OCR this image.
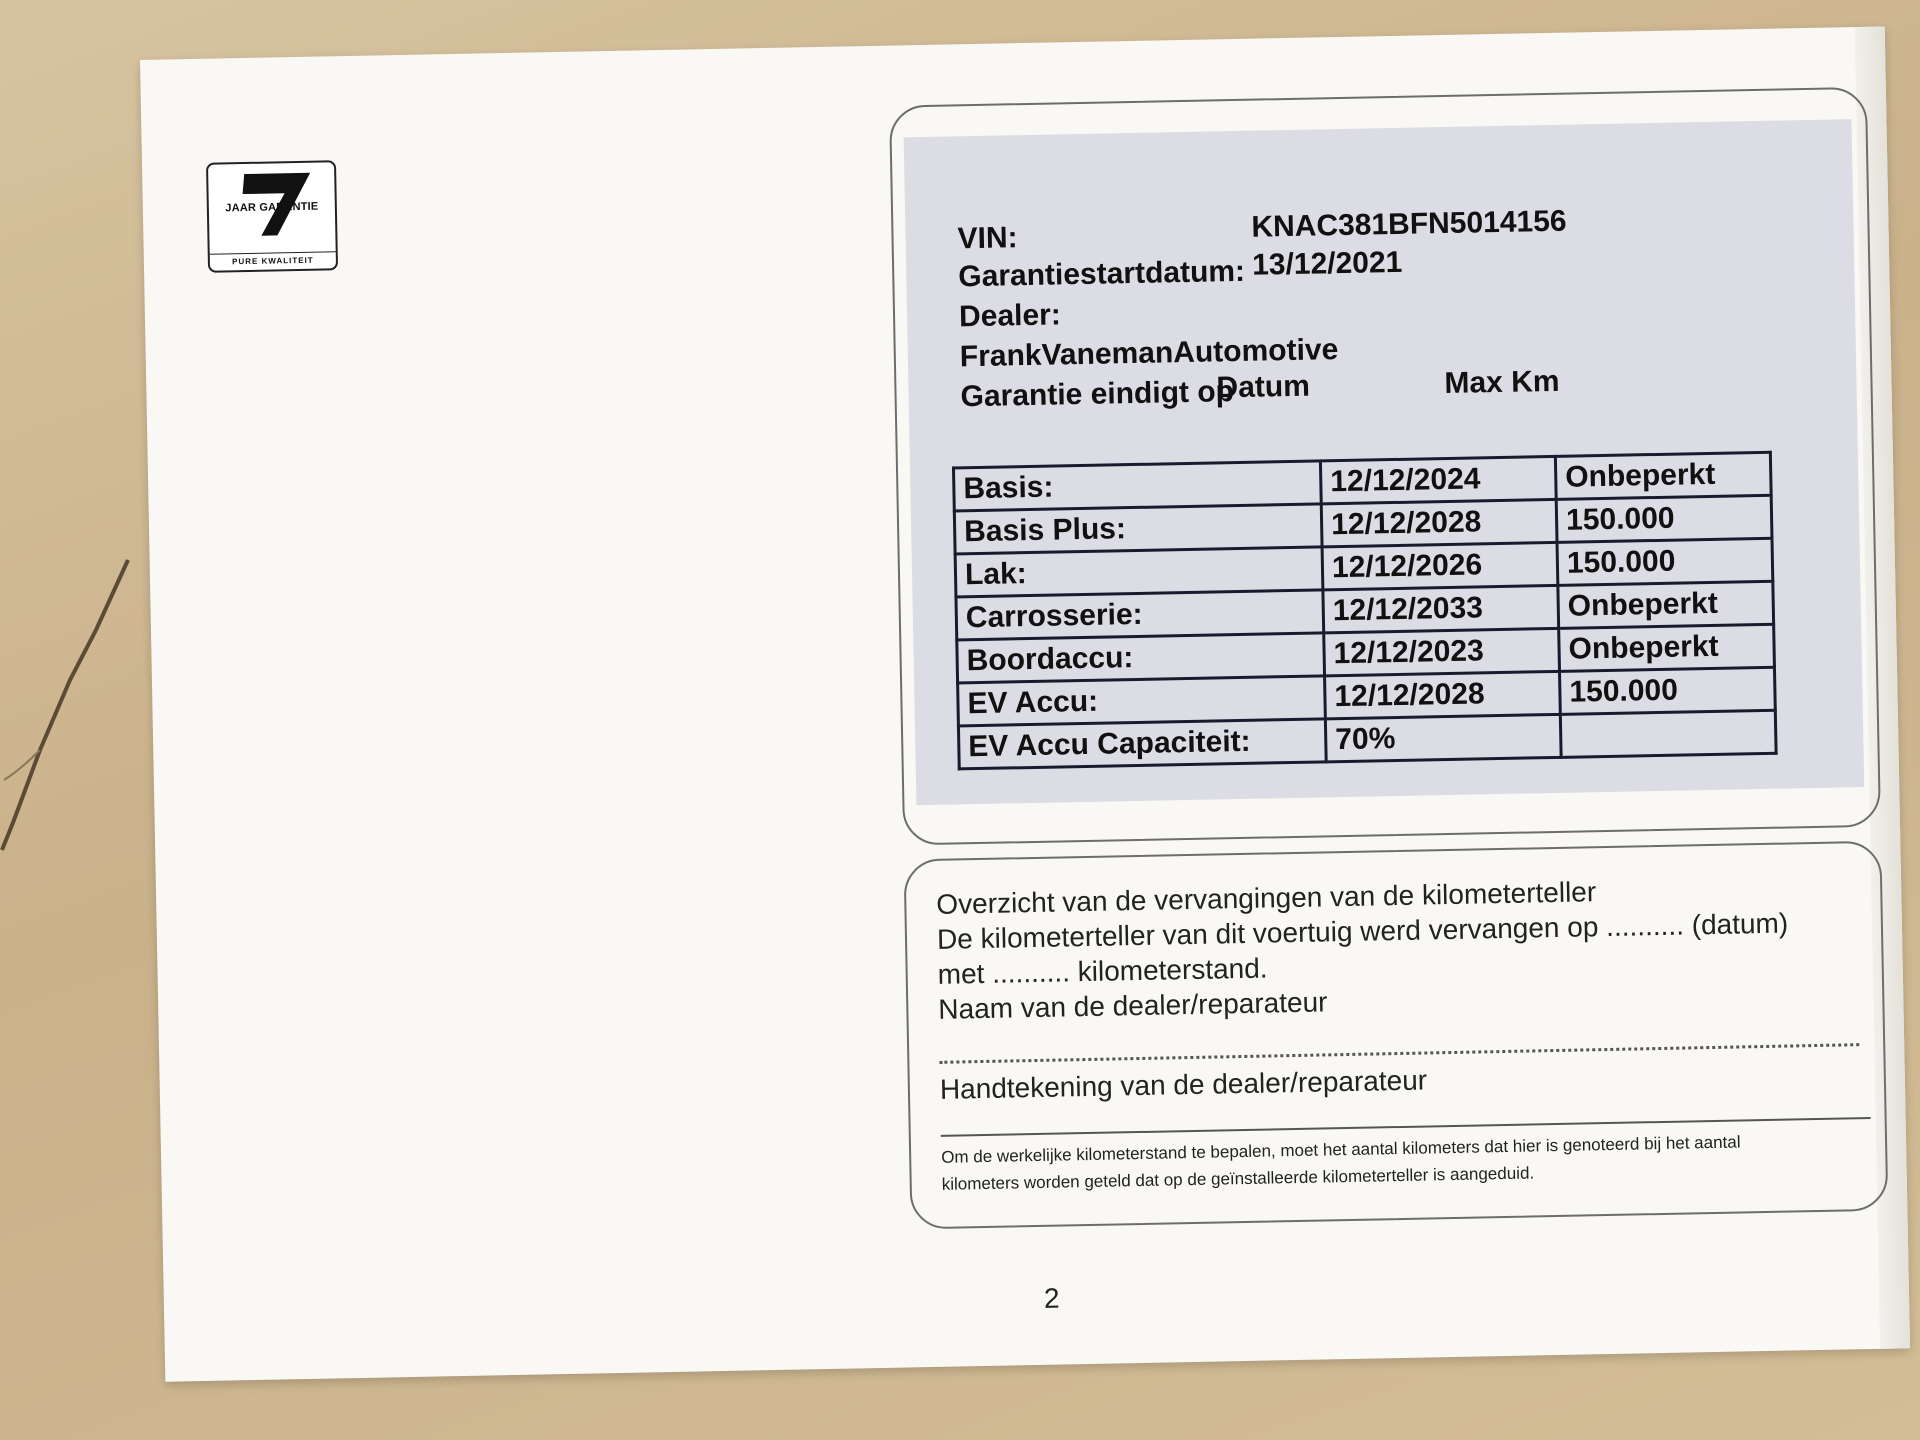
JAAR GARANTIE
PURE KWALITEIT
VIN:	KNAC381BFN5014156
Garantiestartdatum: 13/12/2021
Dealer:
FrankVanemanAutomotive
Garantie eindigt op
Datum	Max Km
Basis:	12/12/2024	Onbeperkt
Basis Plus:	12/12/2028	150.000
Lak:	12/12/2026	150.000
Carrosserie:	12/12/2033	Onbeperkt
Boordaccu:	12/12/2023	Onbeperkt
EV Accu:	12/12/2028	150.000
EV Accu Capaciteit:	70%	
Overzicht van de vervangingen van de kilometerteller
De kilometerteller van dit voertuig werd vervangen op .......... (datum)
met .......... kilometerstand.
Naam van de dealer/reparateur
Handtekening van de dealer/reparateur
Om de werkelijke kilometerstand te bepalen, moet het aantal kilometers dat hier is genoteerd bij het aantal
kilometers worden geteld dat op de geïnstalleerde kilometerteller is aangeduid.
2
